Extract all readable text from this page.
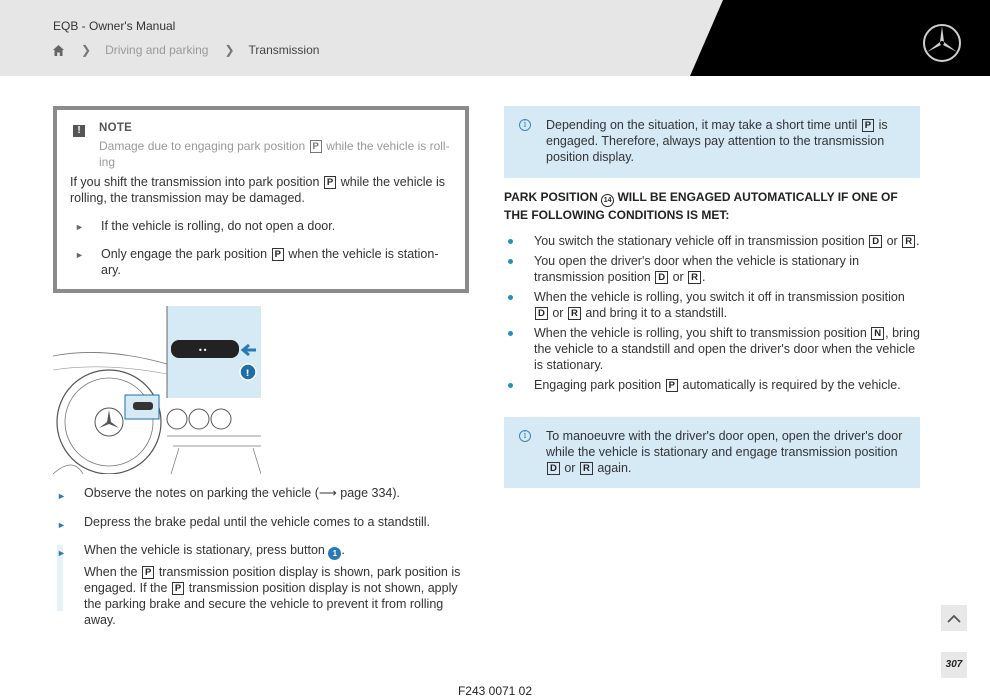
EQB - Owner's Manual
❯ Driving and parking ❯ Transmission
!	NOTE
Damage due to engaging park position P while the vehicle is roll-ing
If you shift the transmission into park position P while the vehicle is rolling, the transmission may be damaged.
► If the vehicle is rolling, do not open a door.
► Only engage the park position P when the vehicle is station-ary.
••
!
► Observe the notes on parking the vehicle (⟶ page 334).
► Depress the brake pedal until the vehicle comes to a standstill.
► When the vehicle is stationary, press button 1 .
When the P transmission position display is shown, park position is engaged. If the P transmission position display is not shown, apply the parking brake and secure the vehicle to prevent it from rolling away.
i	Depending on the situation, it may take a short time until P is engaged. Therefore, always pay attention to the transmission position display.
PARK POSITION 14 WILL BE ENGAGED AUTOMATICALLY IF ONE OF THE FOLLOWING CONDITIONS IS MET:
You switch the stationary vehicle off in transmission position D or R .
You open the driver's door when the vehicle is stationary in transmission position D or R .
When the vehicle is rolling, you switch it off in transmission position D or R and bring it to a standstill.
When the vehicle is rolling, you shift to transmission position N , bring the vehicle to a standstill and open the driver's door when the vehicle is stationary.
Engaging park position P automatically is required by the vehicle.
i	To manoeuvre with the driver's door open, open the driver's door while the vehicle is stationary and engage transmission position D or R again.
307
F243 0071 02
